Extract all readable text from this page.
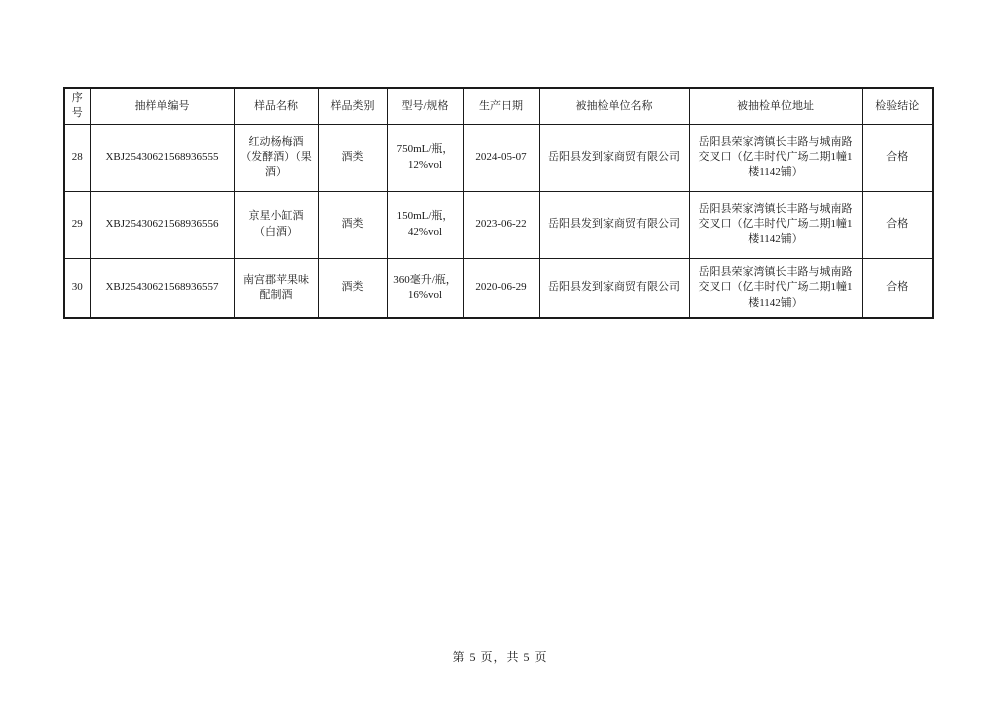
序号	抽样单编号	样品名称	样品类别	型号/规格	生产日期	被抽检单位名称	被抽检单位地址	检验结论
28	XBJ25430621568936555	红动杨梅酒（发酵酒）（果酒）	酒类	750mL/瓶，12%vol	2024-05-07	岳阳县发到家商贸有限公司	岳阳县荣家湾镇长丰路与城南路交叉口（亿丰时代广场二期1幢1楼1142铺）	合格
29	XBJ25430621568936556	京星小缸酒（白酒）	酒类	150mL/瓶，42%vol	2023-06-22	岳阳县发到家商贸有限公司	岳阳县荣家湾镇长丰路与城南路交叉口（亿丰时代广场二期1幢1楼1142铺）	合格
30	XBJ25430621568936557	南宫郡苹果味配制酒	酒类	360毫升/瓶，16%vol	2020-06-29	岳阳县发到家商贸有限公司	岳阳县荣家湾镇长丰路与城南路交叉口（亿丰时代广场二期1幢1楼1142铺）	合格
第 5 页，共 5 页
